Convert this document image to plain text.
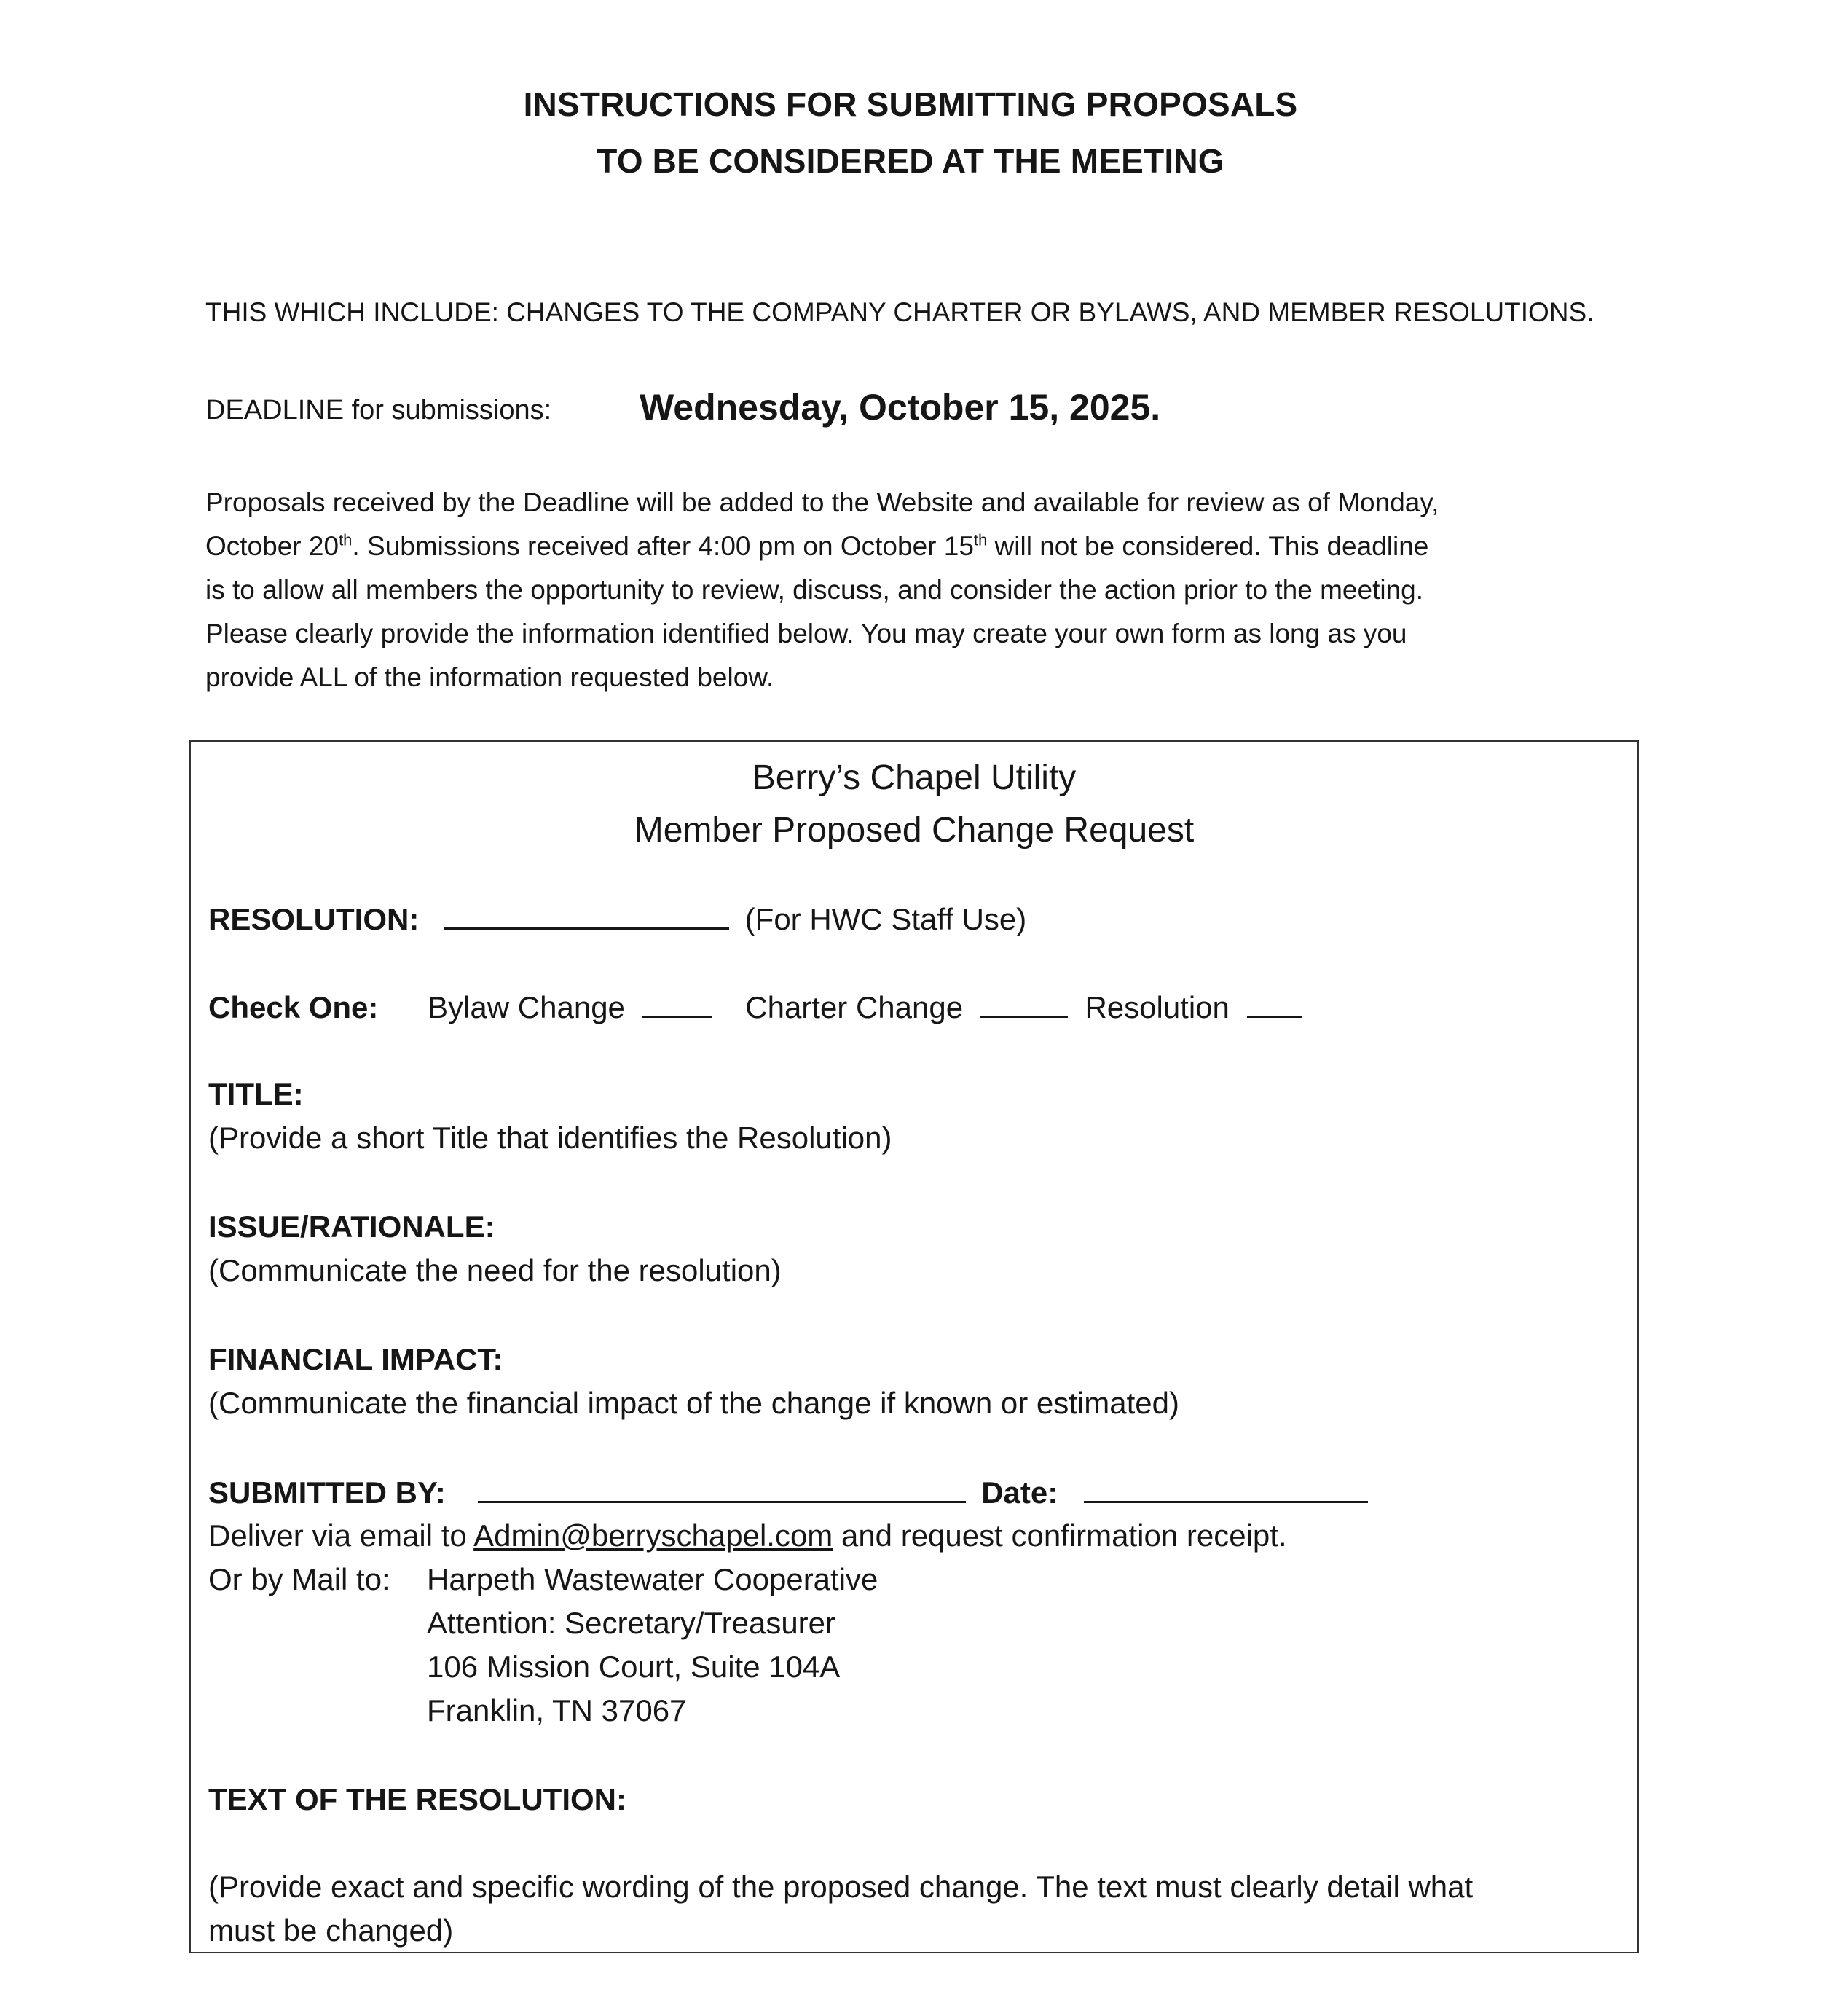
INSTRUCTIONS FOR SUBMITTING PROPOSALS
TO BE CONSIDERED AT THE MEETING
THIS WHICH INCLUDE: CHANGES TO THE COMPANY CHARTER OR BYLAWS, AND MEMBER RESOLUTIONS.
DEADLINE for submissions: Wednesday, October 15, 2025.
Proposals received by the Deadline will be added to the Website and available for review as of Monday,
October 20th. Submissions received after 4:00 pm on October 15th will not be considered. This deadline
is to allow all members the opportunity to review, discuss, and consider the action prior to the meeting.
Please clearly provide the information identified below. You may create your own form as long as you
provide ALL of the information requested below.
Berry’s Chapel Utility
Member Proposed Change Request
RESOLUTION:	(For HWC Staff Use)
Check One: Bylaw Change	Charter Change	Resolution
TITLE:
(Provide a short Title that identifies the Resolution)
ISSUE/RATIONALE:
(Communicate the need for the resolution)
FINANCIAL IMPACT:
(Communicate the financial impact of the change if known or estimated)
SUBMITTED BY:	Date:
Deliver via email to Admin@berryschapel.com and request confirmation receipt.
Or by Mail to: Harpeth Wastewater Cooperative
Attention: Secretary/Treasurer
106 Mission Court, Suite 104A
Franklin, TN 37067
TEXT OF THE RESOLUTION:
(Provide exact and specific wording of the proposed change. The text must clearly detail what
must be changed)
